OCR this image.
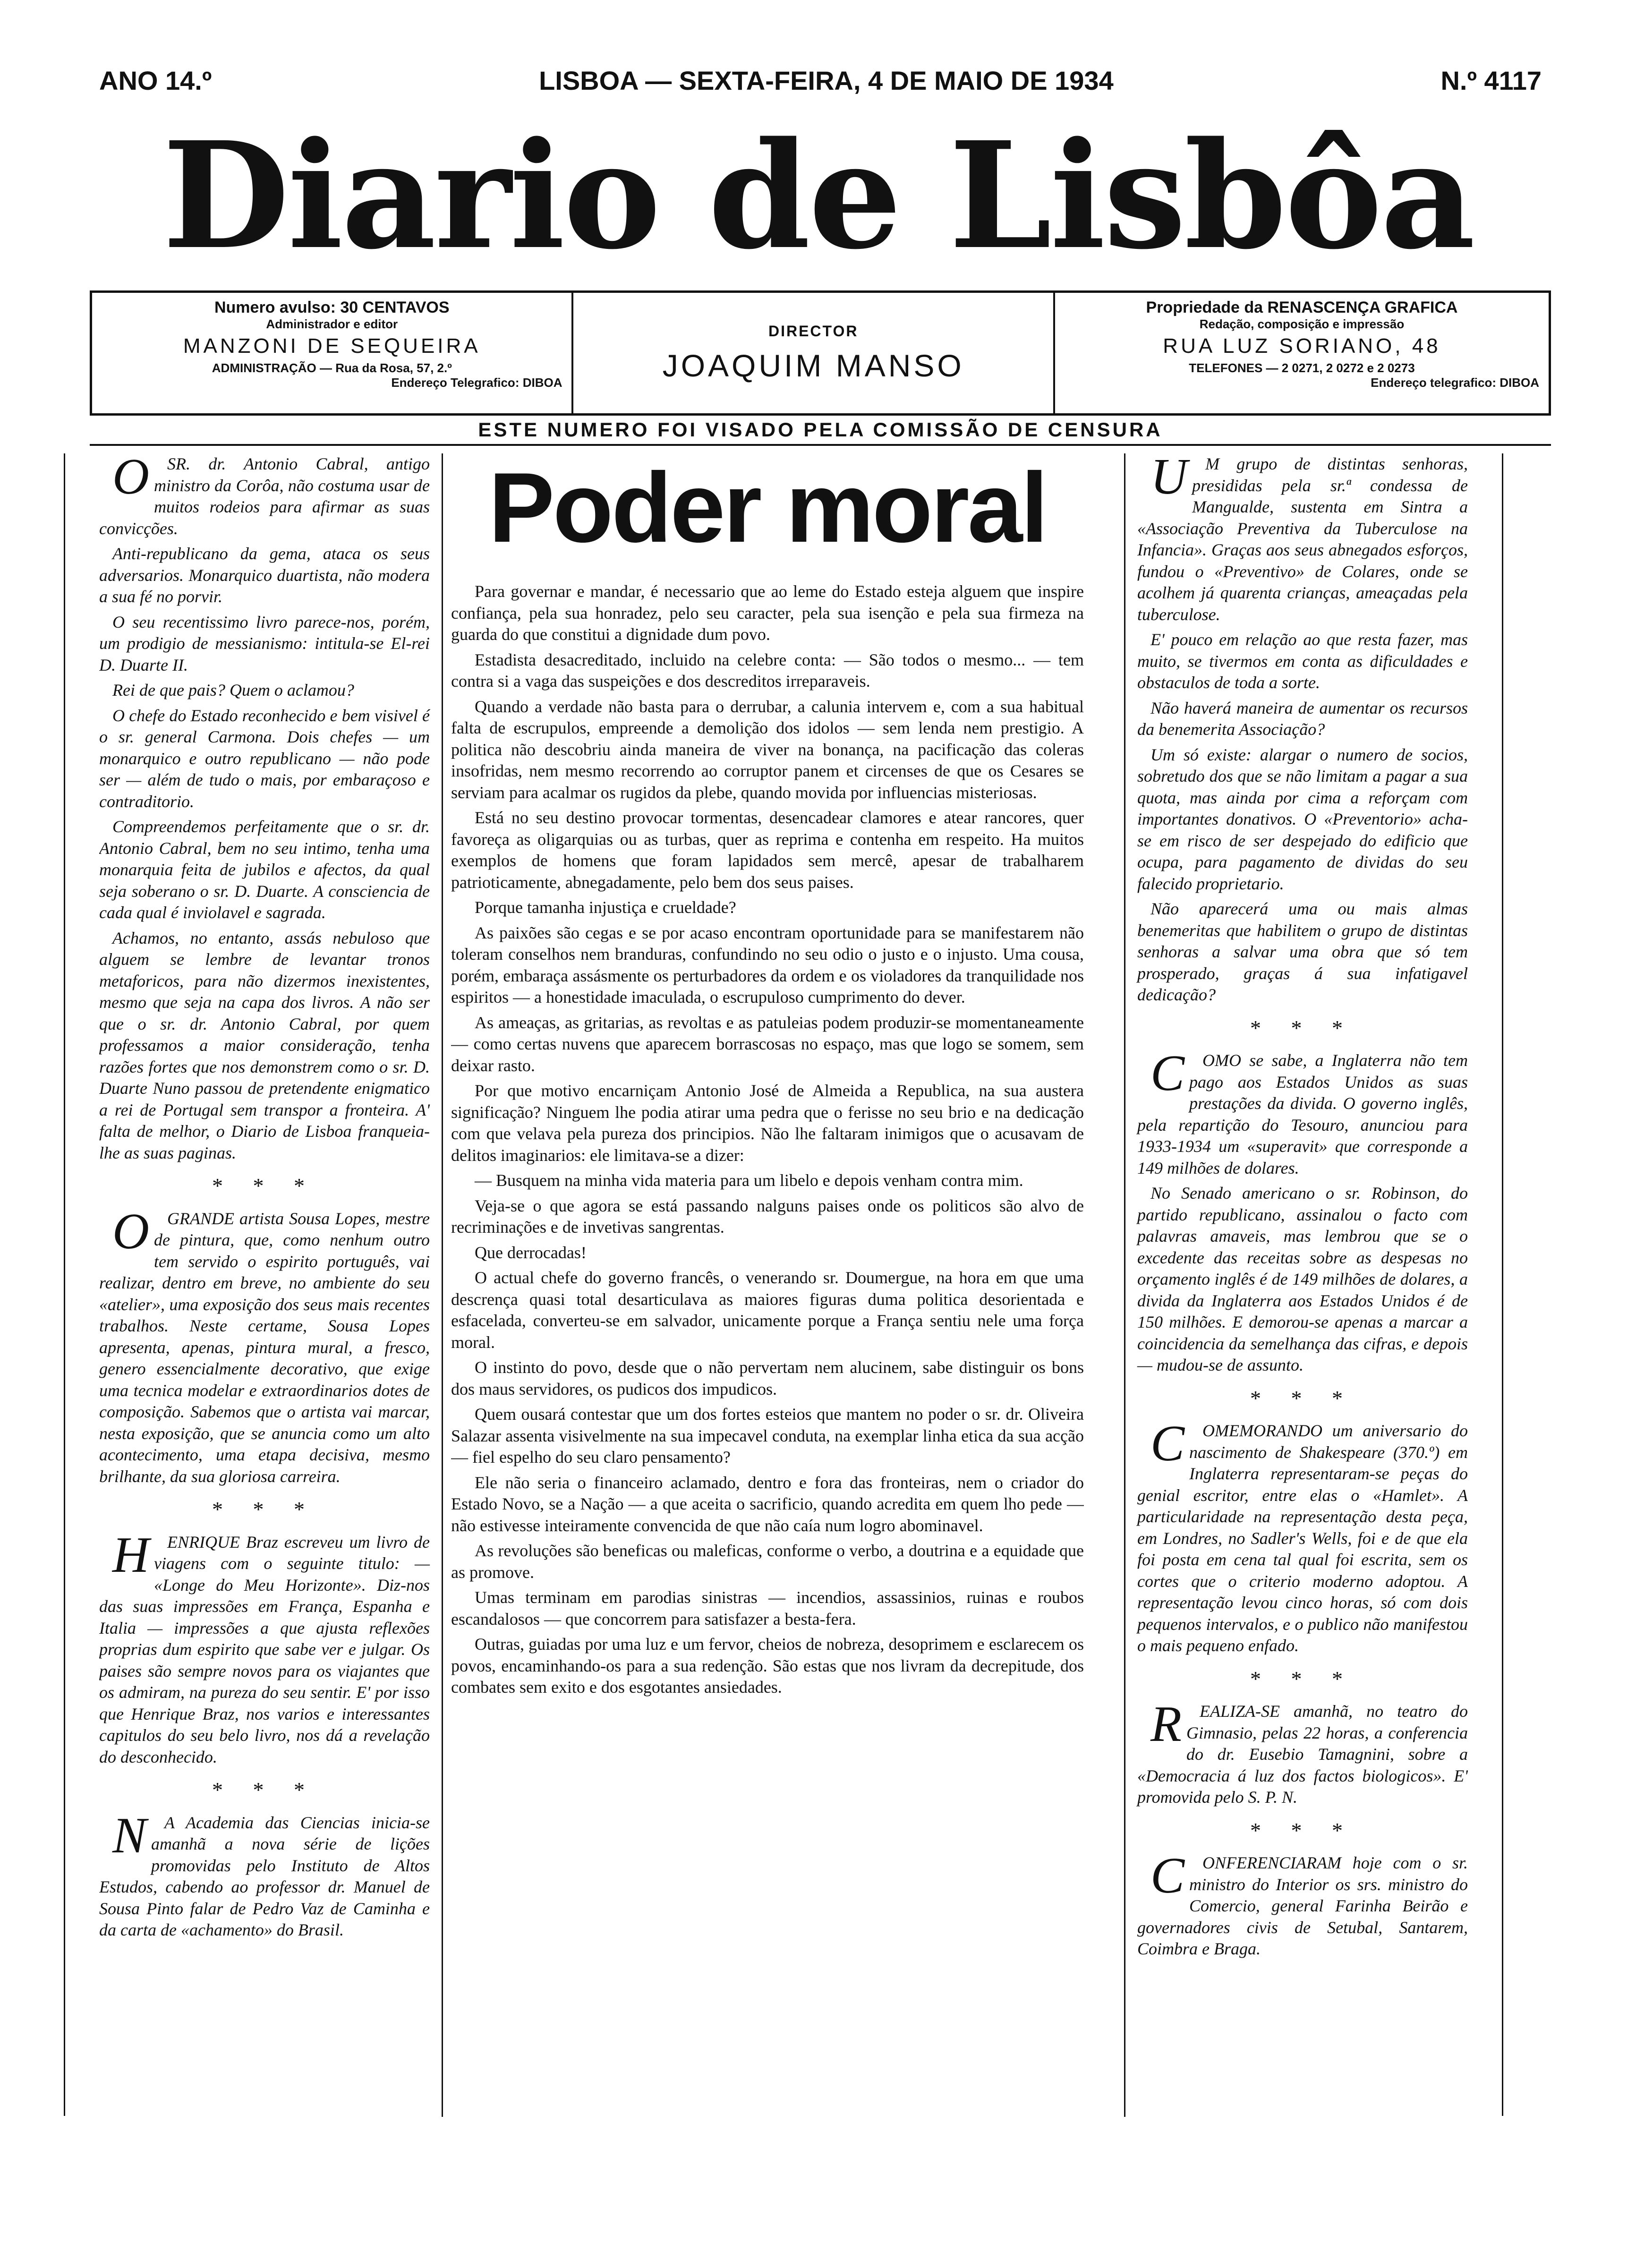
ANO 14.º	LISBOA — SEXTA-FEIRA, 4 DE MAIO DE 1934	N.º 4117
Diario de Lisbôa
Numero avulso: 30 CENTAVOS
Administrador e editor
MANZONI DE SEQUEIRA
ADMINISTRAÇÃO — Rua da Rosa, 57, 2.º
Endereço Telegrafico: DIBOA
DIRECTOR
JOAQUIM MANSO
Propriedade da RENASCENÇA GRAFICA
Redação, composição e impressão
RUA LUZ SORIANO, 48
TELEFONES — 2 0271, 2 0272 e 2 0273
Endereço telegrafico: DIBOA
ESTE NUMERO FOI VISADO PELA COMISSÃO DE CENSURA

O SR. dr. Antonio Cabral, antigo ministro da Corôa, não costuma usar de muitos rodeios para afirmar as suas convicções.

Anti-republicano da gema, ataca os seus adversarios. Monarquico duartista, não modera a sua fé no porvir.

O seu recentissimo livro parece-nos, porém, um prodigio de messianismo: intitula-se El-rei D. Duarte II.

Rei de que pais? Quem o aclamou?

O chefe do Estado reconhecido e bem visivel é o sr. general Carmona. Dois chefes — um monarquico e outro republicano — não pode ser — além de tudo o mais, por embaraçoso e contraditorio.

Compreendemos perfeitamente que o sr. dr. Antonio Cabral, bem no seu intimo, tenha uma monarquia feita de jubilos e afectos, da qual seja soberano o sr. D. Duarte. A consciencia de cada qual é inviolavel e sagrada.

Achamos, no entanto, assás nebuloso que alguem se lembre de levantar tronos metaforicos, para não dizermos inexistentes, mesmo que seja na capa dos livros. A não ser que o sr. dr. Antonio Cabral, por quem professamos a maior consideração, tenha razões fortes que nos demonstrem como o sr. D. Duarte Nuno passou de pretendente enigmatico a rei de Portugal sem transpor a fronteira. A' falta de melhor, o Diario de Lisboa franqueia-lhe as suas paginas.

* * *

O GRANDE artista Sousa Lopes, mestre de pintura, que, como nenhum outro tem servido o espirito português, vai realizar, dentro em breve, no ambiente do seu «atelier», uma exposição dos seus mais recentes trabalhos. Neste certame, Sousa Lopes apresenta, apenas, pintura mural, a fresco, genero essencialmente decorativo, que exige uma tecnica modelar e extraordinarios dotes de composição. Sabemos que o artista vai marcar, nesta exposição, que se anuncia como um alto acontecimento, uma etapa decisiva, mesmo brilhante, da sua gloriosa carreira.

* * *

H ENRIQUE Braz escreveu um livro de viagens com o seguinte titulo: — «Longe do Meu Horizonte». Diz-nos das suas impressões em França, Espanha e Italia — impressões a que ajusta reflexões proprias dum espirito que sabe ver e julgar. Os paises são sempre novos para os viajantes que os admiram, na pureza do seu sentir. E' por isso que Henrique Braz, nos varios e interessantes capitulos do seu belo livro, nos dá a revelação do desconhecido.

* * *

N A Academia das Ciencias inicia-se amanhã a nova série de lições promovidas pelo Instituto de Altos Estudos, cabendo ao professor dr. Manuel de Sousa Pinto falar de Pedro Vaz de Caminha e da carta de «achamento» do Brasil.

Poder moral

Para governar e mandar, é necessario que ao leme do Estado esteja alguem que inspire confiança, pela sua honradez, pelo seu caracter, pela sua isenção e pela sua firmeza na guarda do que constitui a dignidade dum povo.

Estadista desacreditado, incluido na celebre conta: — São todos o mesmo... — tem contra si a vaga das suspeições e dos descreditos irreparaveis.

Quando a verdade não basta para o derrubar, a calunia intervem e, com a sua habitual falta de escrupulos, empreende a demolição dos idolos — sem lenda nem prestigio. A politica não descobriu ainda maneira de viver na bonança, na pacificação das coleras insofridas, nem mesmo recorrendo ao corruptor panem et circenses de que os Cesares se serviam para acalmar os rugidos da plebe, quando movida por influencias misteriosas.

Está no seu destino provocar tormentas, desencadear clamores e atear rancores, quer favoreça as oligarquias ou as turbas, quer as reprima e contenha em respeito. Ha muitos exemplos de homens que foram lapidados sem mercê, apesar de trabalharem patrioticamente, abnegadamente, pelo bem dos seus paises.

Porque tamanha injustiça e crueldade?

As paixões são cegas e se por acaso encontram oportunidade para se manifestarem não toleram conselhos nem branduras, confundindo no seu odio o justo e o injusto. Uma cousa, porém, embaraça assásmente os perturbadores da ordem e os violadores da tranquilidade nos espiritos — a honestidade imaculada, o escrupuloso cumprimento do dever.

As ameaças, as gritarias, as revoltas e as patuleias podem produzir-se momentaneamente — como certas nuvens que aparecem borrascosas no espaço, mas que logo se somem, sem deixar rasto.

Por que motivo encarniçam Antonio José de Almeida a Republica, na sua austera significação? Ninguem lhe podia atirar uma pedra que o ferisse no seu brio e na dedicação com que velava pela pureza dos principios. Não lhe faltaram inimigos que o acusavam de delitos imaginarios: ele limitava-se a dizer:

— Busquem na minha vida materia para um libelo e depois venham contra mim.

Veja-se o que agora se está passando nalguns paises onde os politicos são alvo de recriminações e de invetivas sangrentas.

Que derrocadas!

O actual chefe do governo francês, o venerando sr. Doumergue, na hora em que uma descrença quasi total desarticulava as maiores figuras duma politica desorientada e esfacelada, converteu-se em salvador, unicamente porque a França sentiu nele uma força moral.

O instinto do povo, desde que o não pervertam nem alucinem, sabe distinguir os bons dos maus servidores, os pudicos dos impudicos.

Quem ousará contestar que um dos fortes esteios que mantem no poder o sr. dr. Oliveira Salazar assenta visivelmente na sua impecavel conduta, na exemplar linha etica da sua acção — fiel espelho do seu claro pensamento?

Ele não seria o financeiro aclamado, dentro e fora das fronteiras, nem o criador do Estado Novo, se a Nação — a que aceita o sacrificio, quando acredita em quem lho pede — não estivesse inteiramente convencida de que não caía num logro abominavel.

As revoluções são beneficas ou maleficas, conforme o verbo, a doutrina e a equidade que as promove.

Umas terminam em parodias sinistras — incendios, assassinios, ruinas e roubos escandalosos — que concorrem para satisfazer a besta-fera.

Outras, guiadas por uma luz e um fervor, cheios de nobreza, desoprimem e esclarecem os povos, encaminhando-os para a sua redenção. São estas que nos livram da decrepitude, dos combates sem exito e dos esgotantes ansiedades.

U M grupo de distintas senhoras, presididas pela sr.ª condessa de Mangualde, sustenta em Sintra a «Associação Preventiva da Tuberculose na Infancia». Graças aos seus abnegados esforços, fundou o «Preventivo» de Colares, onde se acolhem já quarenta crianças, ameaçadas pela tuberculose.

E' pouco em relação ao que resta fazer, mas muito, se tivermos em conta as dificuldades e obstaculos de toda a sorte.

Não haverá maneira de aumentar os recursos da benemerita Associação?

Um só existe: alargar o numero de socios, sobretudo dos que se não limitam a pagar a sua quota, mas ainda por cima a reforçam com importantes donativos. O «Preventorio» acha-se em risco de ser despejado do edificio que ocupa, para pagamento de dividas do seu falecido proprietario.

Não aparecerá uma ou mais almas benemeritas que habilitem o grupo de distintas senhoras a salvar uma obra que só tem prosperado, graças á sua infatigavel dedicação?

* * *

C OMO se sabe, a Inglaterra não tem pago aos Estados Unidos as suas prestações da divida. O governo inglês, pela repartição do Tesouro, anunciou para 1933-1934 um «superavit» que corresponde a 149 milhões de dolares.

No Senado americano o sr. Robinson, do partido republicano, assinalou o facto com palavras amaveis, mas lembrou que se o excedente das receitas sobre as despesas no orçamento inglês é de 149 milhões de dolares, a divida da Inglaterra aos Estados Unidos é de 150 milhões. E demorou-se apenas a marcar a coincidencia da semelhança das cifras, e depois — mudou-se de assunto.

* * *

C OMEMORANDO um aniversario do nascimento de Shakespeare (370.º) em Inglaterra representaram-se peças do genial escritor, entre elas o «Hamlet». A particularidade na representação desta peça, em Londres, no Sadler's Wells, foi e de que ela foi posta em cena tal qual foi escrita, sem os cortes que o criterio moderno adoptou. A representação levou cinco horas, só com dois pequenos intervalos, e o publico não manifestou o mais pequeno enfado.

* * *

R EALIZA-SE amanhã, no teatro do Gimnasio, pelas 22 horas, a conferencia do dr. Eusebio Tamagnini, sobre a «Democracia á luz dos factos biologicos». E' promovida pelo S. P. N.

* * *

C ONFERENCIARAM hoje com o sr. ministro do Interior os srs. ministro do Comercio, general Farinha Beirão e governadores civis de Setubal, Santarem, Coimbra e Braga.
